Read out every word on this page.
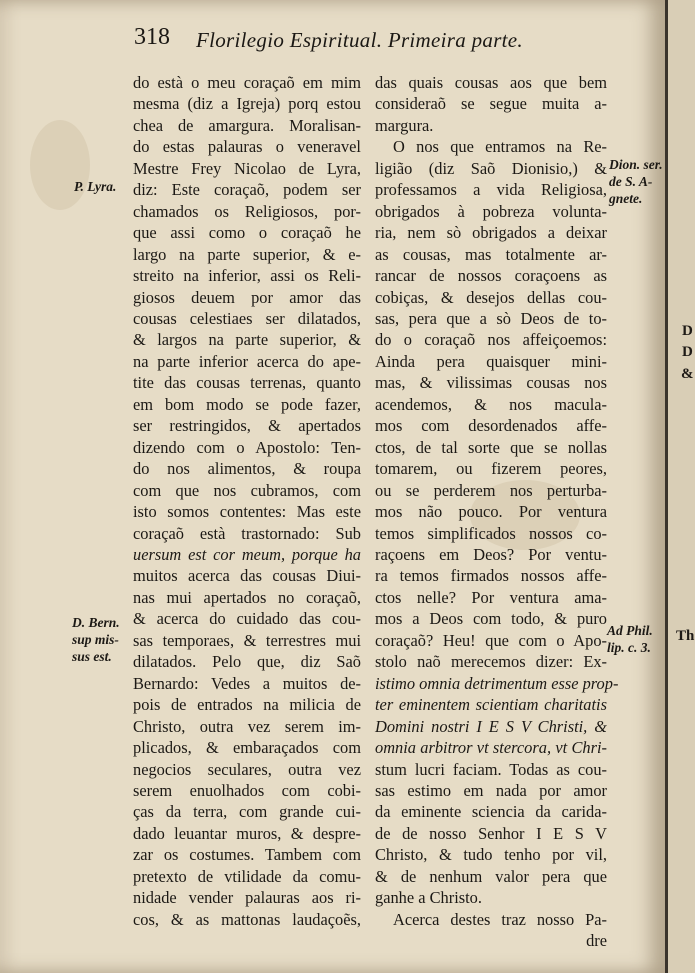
318 Florilegio Espiritual. Primeira parte.
do està o meu coraçaõ em mim
mesma (diz a Igreja) porq estou
chea de amargura. Moralisan-
do estas palauras o veneravel
Mestre Frey Nicolao de Lyra,
diz: Este coraçaõ, podem ser
chamados os Religiosos, por-
que assi como o coraçaõ he
largo na parte superior, & e-
streito na inferior, assi os Reli-
giosos deuem por amor das
cousas celestiaes ser dilatados,
& largos na parte superior, &
na parte inferior acerca do ape-
tite das cousas terrenas, quanto
em bom modo se pode fazer,
ser restringidos, & apertados
dizendo com o Apostolo: Ten-
do nos alimentos, & roupa
com que nos cubramos, com
isto somos contentes: Mas este
coraçaõ està trastornado: Sub
uersum est cor meum, porque ha
muitos acerca das cousas Diui-
nas mui apertados no coraçaõ,
& acerca do cuidado das cou-
sas temporaes, & terrestres mui
dilatados. Pelo que, diz Saõ
Bernardo: Vedes a muitos de-
pois de entrados na milicia de
Christo, outra vez serem im-
plicados, & embaraçados com
negocios seculares, outra vez
serem enuolhados com cobi-
ças da terra, com grande cui-
dado leuantar muros, & despre-
zar os costumes. Tambem com
pretexto de vtilidade da comu-
nidade vender palauras aos ri-
cos, & as mattonas laudaçoẽs,
das quais cousas aos que bem
consideraõ se segue muita a-
margura.
O nos que entramos na Re-
ligião (diz Saõ Dionisio,) &
professamos a vida Religiosa,
obrigados à pobreza volunta-
ria, nem sò obrigados a deixar
as cousas, mas totalmente ar-
rancar de nossos coraçoens as
cobiças, & desejos dellas cou-
sas, pera que a sò Deos de to-
do o coraçaõ nos affeiçoemos:
Ainda pera quaisquer mini-
mas, & vilissimas cousas nos
acendemos, & nos macula-
mos com desordenados affe-
ctos, de tal sorte que se nollas
tomarem, ou fizerem peores,
ou se perderem nos perturba-
mos não pouco. Por ventura
temos simplificados nossos co-
raçoens em Deos? Por ventu-
ra temos firmados nossos affe-
ctos nelle? Por ventura ama-
mos a Deos com todo, & puro
coraçaõ? Heu! que com o Apo-
stolo naõ merecemos dizer: Ex-
istimo omnia detrimentum esse prop-
ter eminentem scientiam charitatis
Domini nostri I E S V Christi, &
omnia arbitror vt stercora, vt Chri-
stum lucri faciam. Todas as cou-
sas estimo em nada por amor
da eminente sciencia da carida-
de de nosso Senhor I E S V
Christo, & tudo tenho por vil,
& de nenhum valor pera que
ganhe a Christo.
Acerca destes traz nosso Pa-
dre
P. Lyra.
D. Bern.
sup mis-
sus est.
Dion. ser.
de S. A-
gnete.
Ad Phil.
lip. c. 3.
D
D
&
Th
